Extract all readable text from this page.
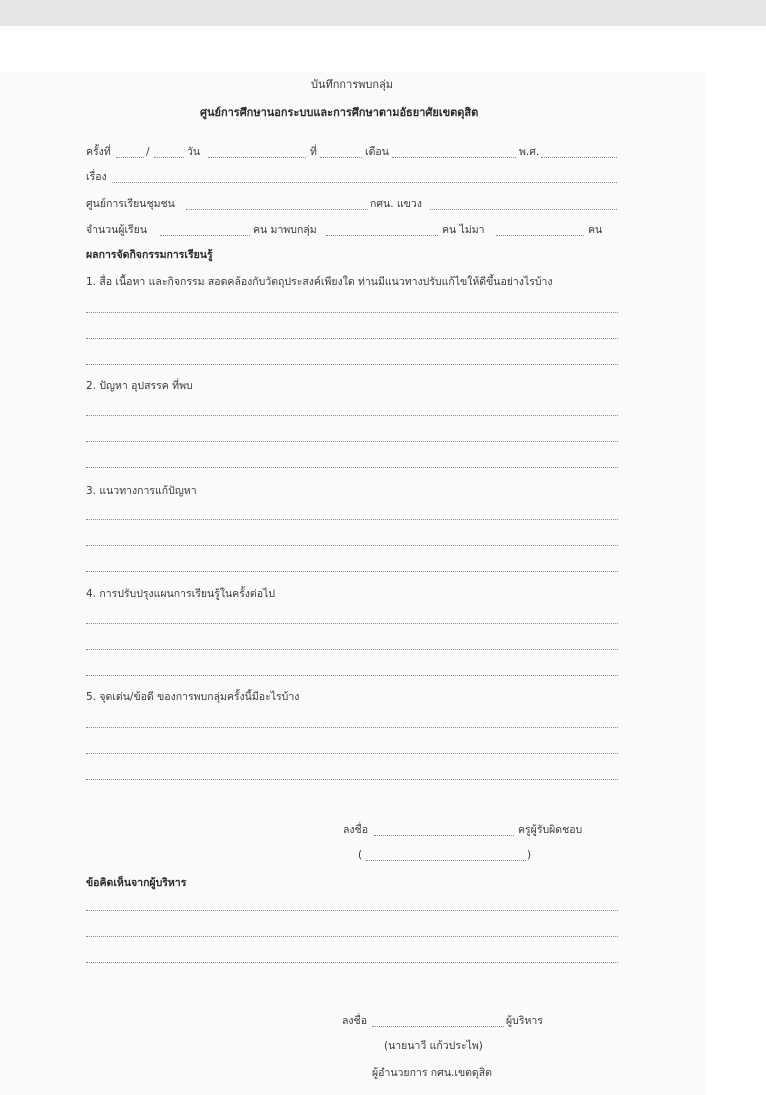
บันทึกการพบกลุ่ม
ศูนย์การศึกษานอกระบบและการศึกษาตามอัธยาศัยเขตดุสิต
ครั้งที่	/	วัน	ที่	เดือน	พ.ศ.
เรื่อง
ศูนย์การเรียนชุมชน	กศน. แขวง
จำนวนผู้เรียน	คน มาพบกลุ่ม	คน ไม่มา	คน
ผลการจัดกิจกรรมการเรียนรู้
1. สื่อ เนื้อหา และกิจกรรม สอดคล้องกับวัตถุประสงค์เพียงใด ท่านมีแนวทางปรับแก้ไขให้ดีขึ้นอย่างไรบ้าง
2. ปัญหา อุปสรรค ที่พบ
3. แนวทางการแก้ปัญหา
4. การปรับปรุงแผนการเรียนรู้ในครั้งต่อไป
5. จุดเด่น/ข้อดี ของการพบกลุ่มครั้งนี้มีอะไรบ้าง
ลงชื่อ	ครูผู้รับผิดชอบ
(	)
ข้อคิดเห็นจากผู้บริหาร
ลงชื่อ	ผู้บริหาร
(นายนาวี แก้วประไพ)
ผู้อำนวยการ กศน.เขตดุสิต
